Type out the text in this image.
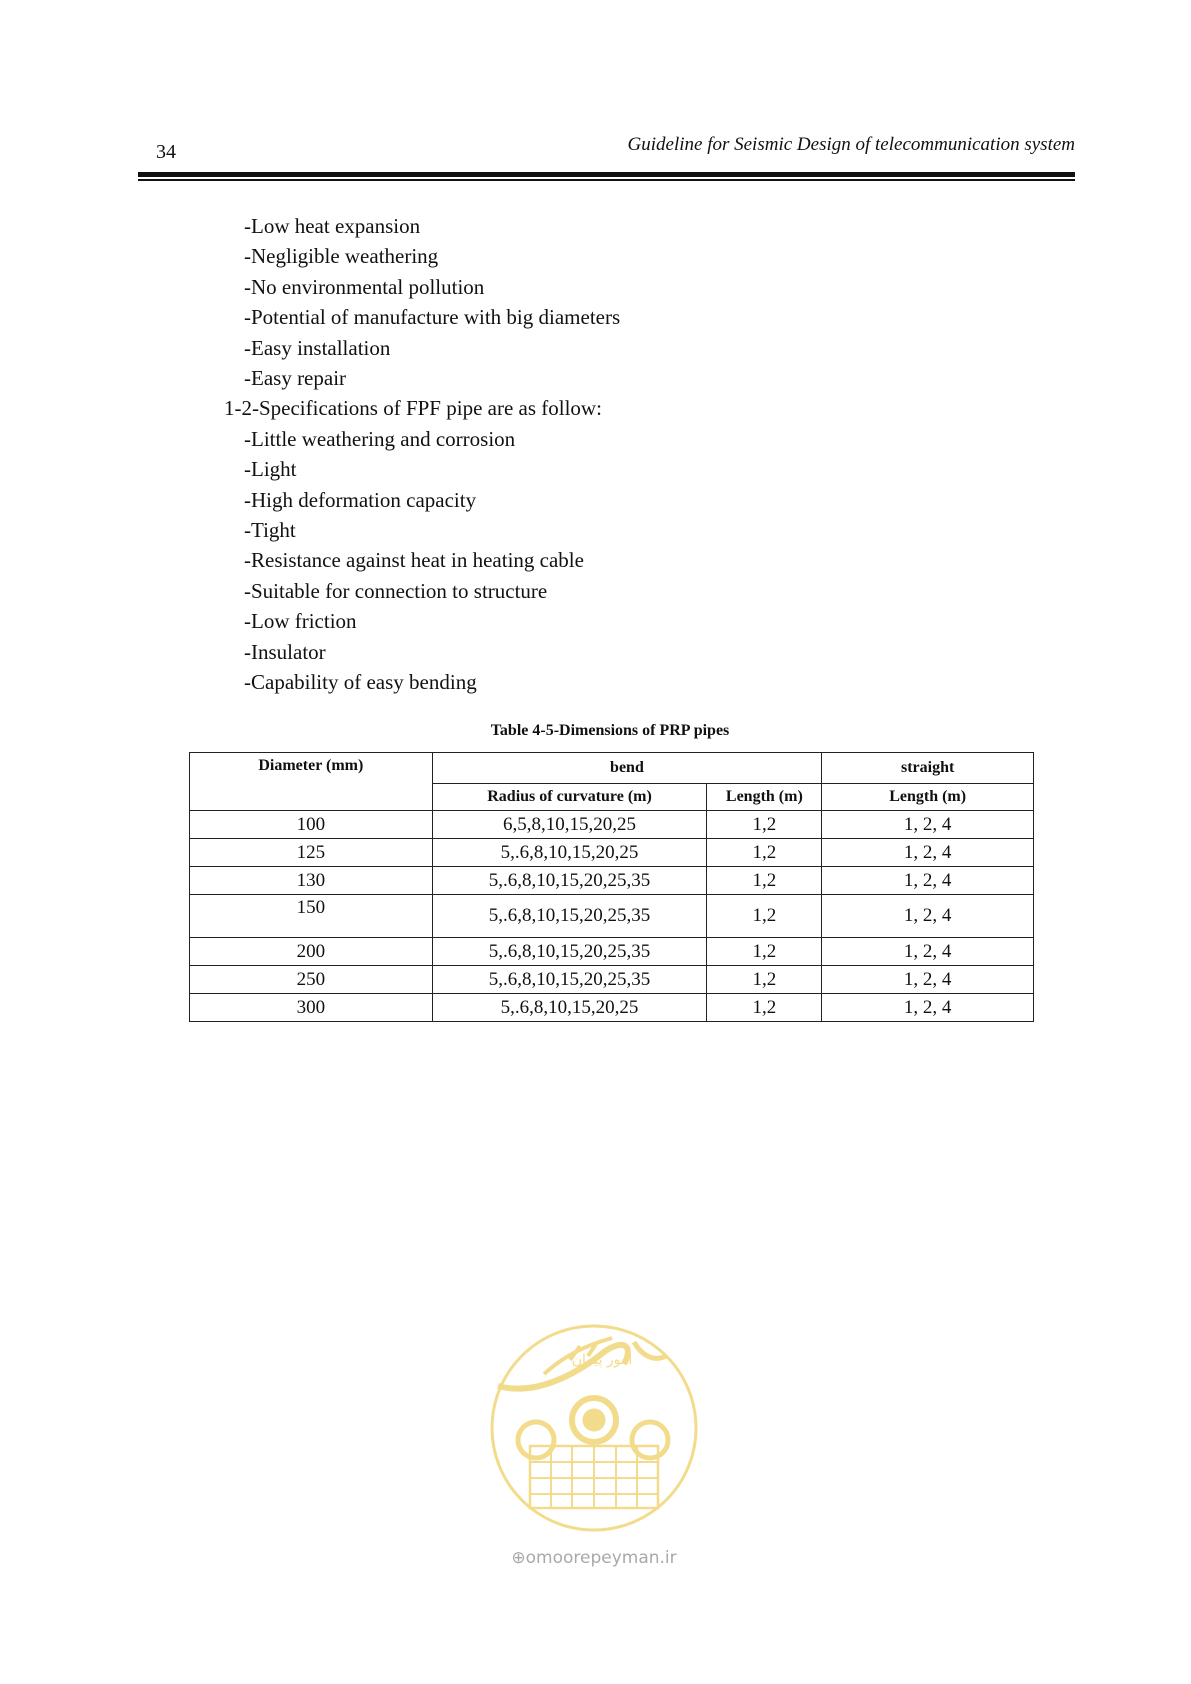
34	Guideline for Seismic Design of telecommunication system
-Low heat expansion
-Negligible weathering
-No environmental pollution
-Potential of manufacture with big diameters
-Easy installation
-Easy repair
1-2-Specifications of FPF pipe are as follow:
-Little weathering and corrosion
-Light
-High deformation capacity
-Tight
-Resistance against heat in heating cable
-Suitable for connection to structure
-Low friction
-Insulator
-Capability of easy bending
Table 4-5-Dimensions of PRP pipes
Diameter (mm)	bend		straight
	Radius of curvature (m)	Length (m)	Length (m)
100	6,5,8,10,15,20,25	1,2	1, 2, 4
125	5,.6,8,10,15,20,25	1,2	1, 2, 4
130	5,.6,8,10,15,20,25,35	1,2	1, 2, 4
150	5,.6,8,10,15,20,25,35	1,2	1, 2, 4
200	5,.6,8,10,15,20,25,35	1,2	1, 2, 4
250	5,.6,8,10,15,20,25,35	1,2	1, 2, 4
300	5,.6,8,10,15,20,25	1,2	1, 2, 4
امور پیمان
⊕omoorepeyman.ir
